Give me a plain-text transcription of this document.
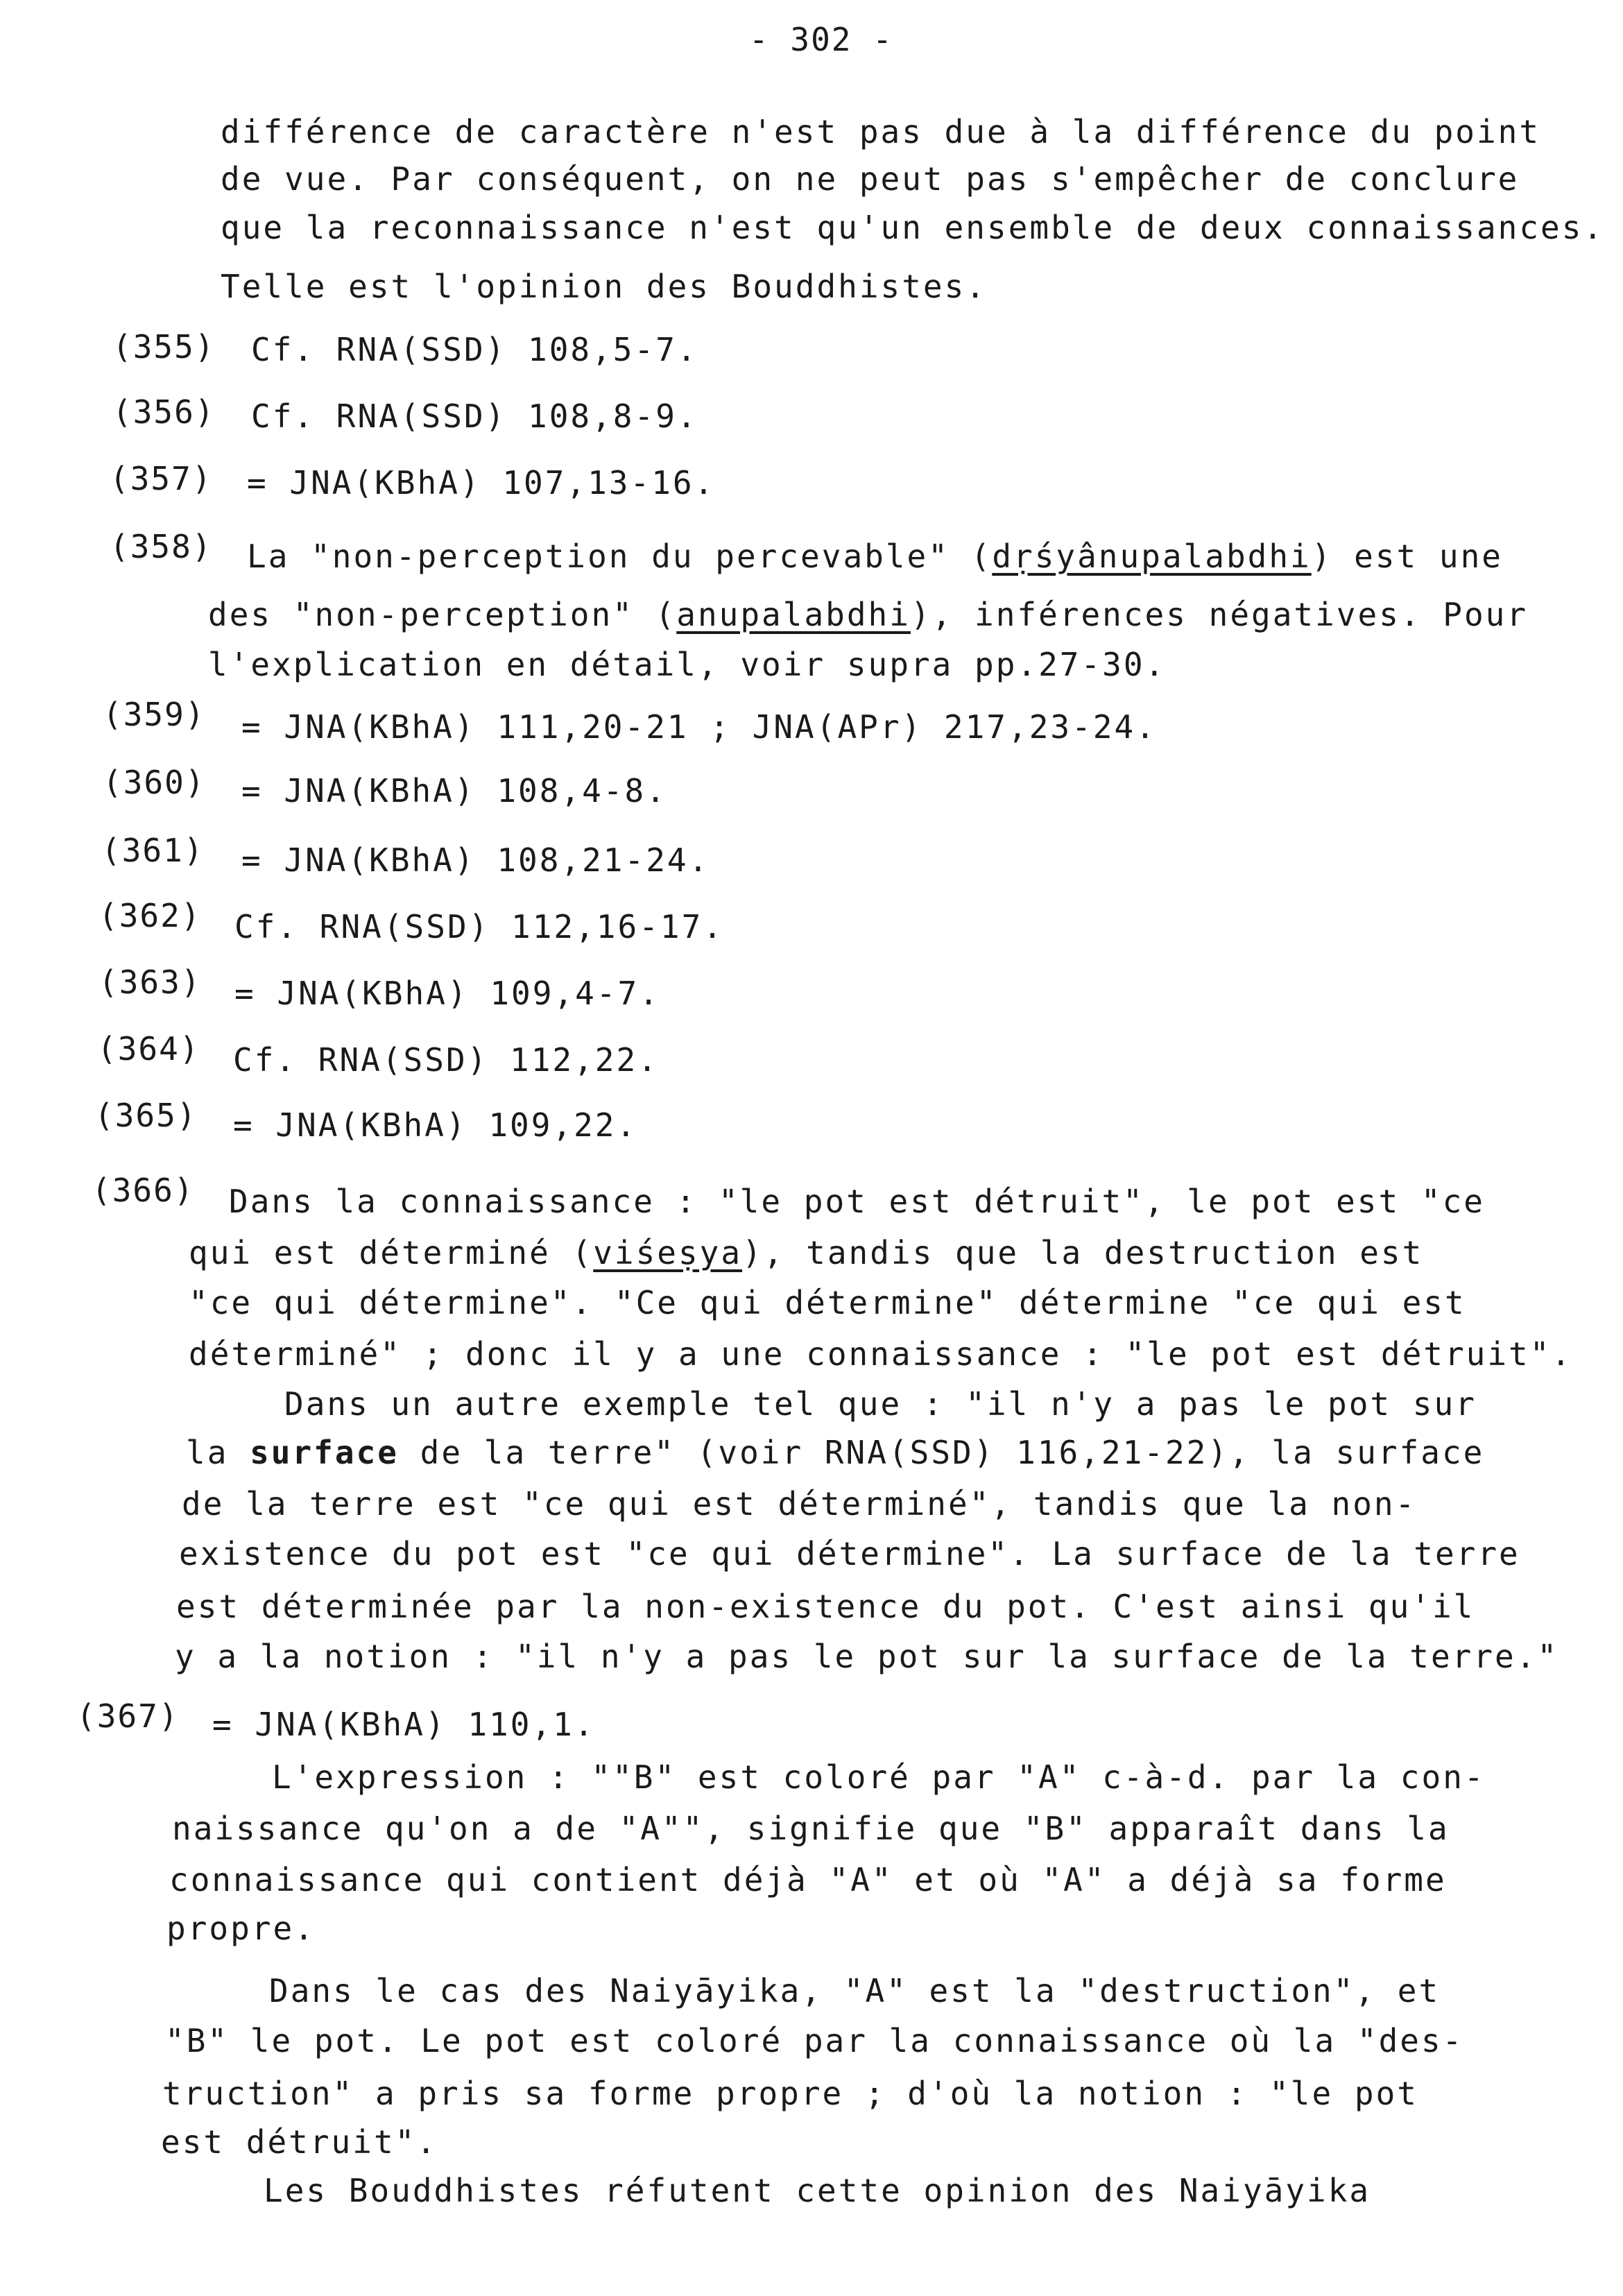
- 302 -
différence de caractère n'est pas due à la différence du point
de vue. Par conséquent, on ne peut pas s'empêcher de conclure
que la reconnaissance n'est qu'un ensemble de deux connaissances.
Telle est l'opinion des Bouddhistes.
(355) Cf. RNA(SSD) 108,5-7.
(356) Cf. RNA(SSD) 108,8-9.
(357) = JNA(KBhA) 107,13-16.
(358) La "non-perception du percevable" (dṛśyânupalabdhi) est une
des "non-perception" (anupalabdhi), inférences négatives. Pour
l'explication en détail, voir supra pp.27-30.
(359) = JNA(KBhA) 111,20-21 ; JNA(APr) 217,23-24.
(360) = JNA(KBhA) 108,4-8.
(361) = JNA(KBhA) 108,21-24.
(362) Cf. RNA(SSD) 112,16-17.
(363) = JNA(KBhA) 109,4-7.
(364) Cf. RNA(SSD) 112,22.
(365) = JNA(KBhA) 109,22.
(366) Dans la connaissance : "le pot est détruit", le pot est "ce
qui est déterminé (viśeṣya), tandis que la destruction est
"ce qui détermine". "Ce qui détermine" détermine "ce qui est
déterminé" ; donc il y a une connaissance : "le pot est détruit".
Dans un autre exemple tel que : "il n'y a pas le pot sur
la surface de la terre" (voir RNA(SSD) 116,21-22), la surface
de la terre est "ce qui est déterminé", tandis que la non-
existence du pot est "ce qui détermine". La surface de la terre
est déterminée par la non-existence du pot. C'est ainsi qu'il
y a la notion : "il n'y a pas le pot sur la surface de la terre."
(367) = JNA(KBhA) 110,1.
L'expression : ""B" est coloré par "A" c-à-d. par la con-
naissance qu'on a de "A"", signifie que "B" apparaît dans la
connaissance qui contient déjà "A" et où "A" a déjà sa forme
propre.
Dans le cas des Naiyāyika, "A" est la "destruction", et
"B" le pot. Le pot est coloré par la connaissance où la "des-
truction" a pris sa forme propre ; d'où la notion : "le pot
est détruit".
Les Bouddhistes réfutent cette opinion des Naiyāyika
